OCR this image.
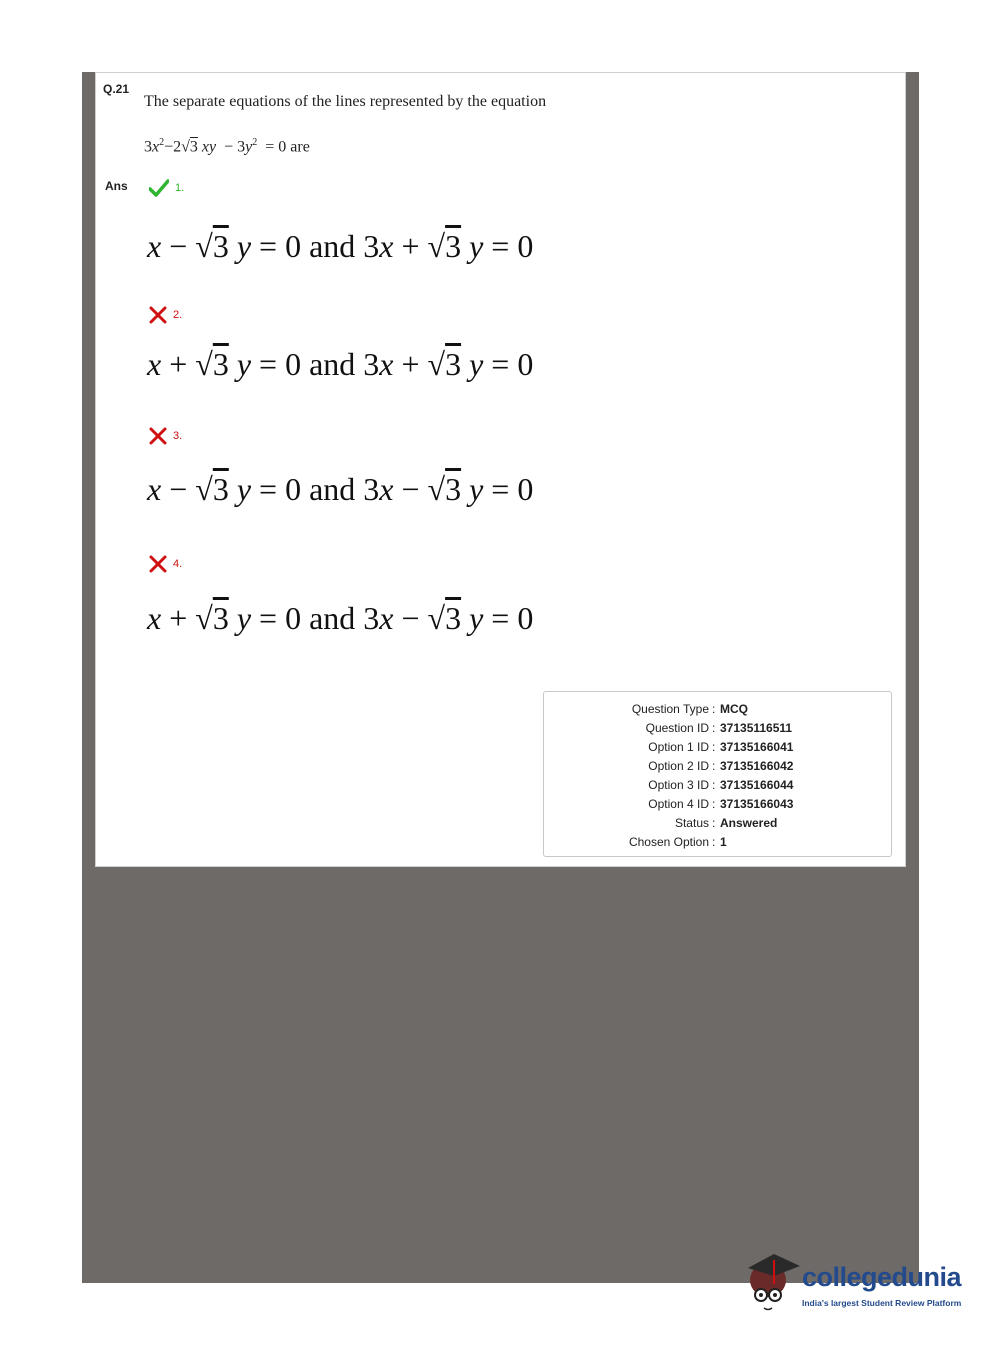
Q.21
The separate equations of the lines represented by the equation
$3x^2-2√3$ xy  − $3y^2 = 0$ are
Ans	1.
x − √3 y = 0 and 3x + √3 y = 0
2.
x + √3 y = 0 and 3x + √3 y = 0
3.
x − √3 y = 0 and 3x − √3 y = 0
4.
x + √3 y = 0 and 3x − √3 y = 0
Question Type : MCQ
Question ID : 37135116511
Option 1 ID : 37135166041
Option 2 ID : 37135166042
Option 3 ID : 37135166044
Option 4 ID : 37135166043
Status : Answered
Chosen Option : 1
collegedunia
India's largest Student Review Platform
